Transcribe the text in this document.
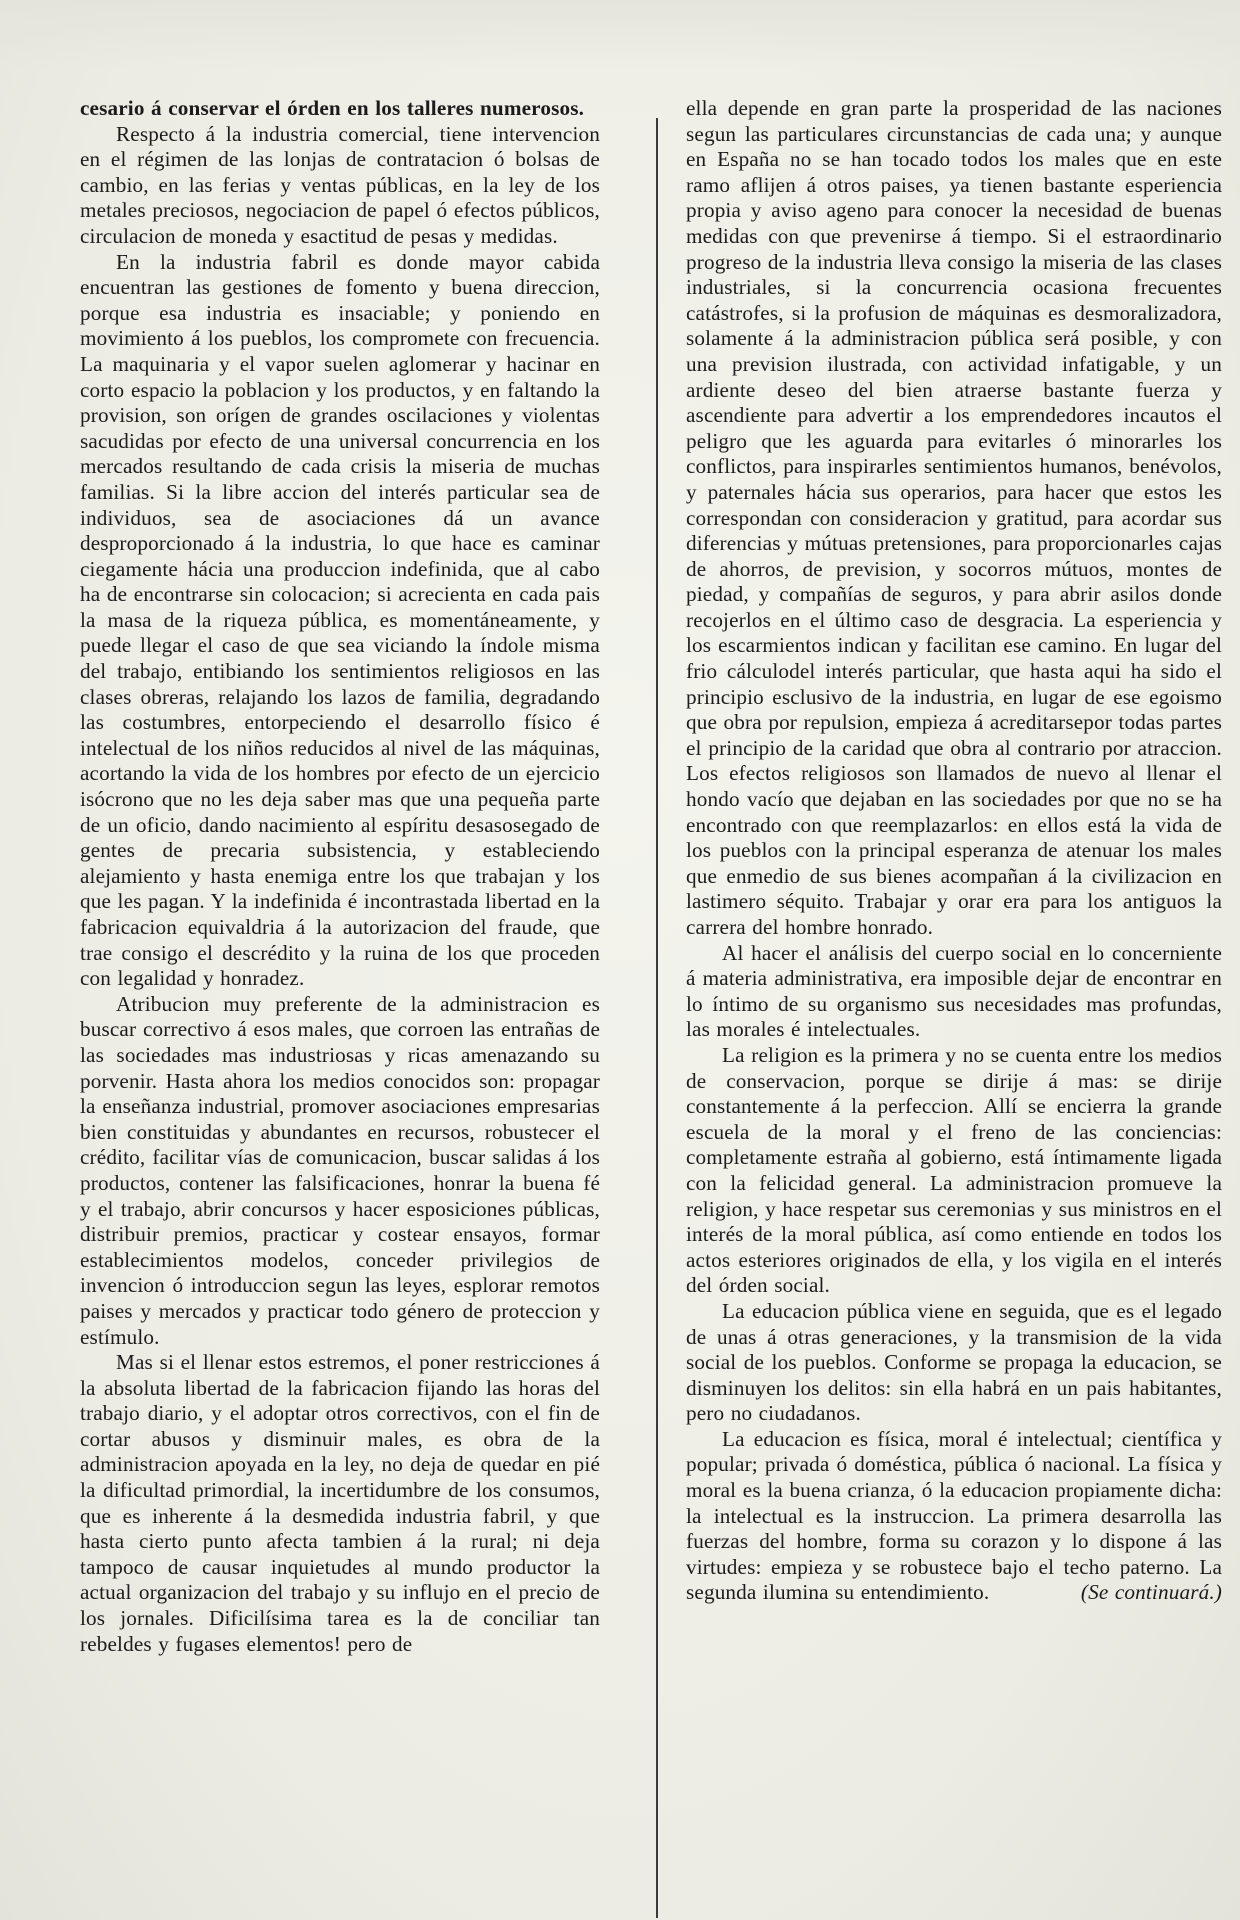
cesario á conservar el órden en los talleres numerosos.

Respecto á la industria comercial, tiene intervencion en el régimen de las lonjas de contratacion ó bolsas de cambio, en las ferias y ventas públicas, en la ley de los metales preciosos, negociacion de papel ó efectos públicos, circulacion de moneda y esactitud de pesas y medidas.

En la industria fabril es donde mayor cabida encuentran las gestiones de fomento y buena direccion, porque esa industria es insaciable; y poniendo en movimiento á los pueblos, los compromete con frecuencia. La maquinaria y el vapor suelen aglomerar y hacinar en corto espacio la poblacion y los productos, y en faltando la provision, son orígen de grandes oscilaciones y violentas sacudidas por efecto de una universal concurrencia en los mercados resultando de cada crisis la miseria de muchas familias. Si la libre accion del interés particular sea de individuos, sea de asociaciones dá un avance desproporcionado á la industria, lo que hace es caminar ciegamente hácia una produccion indefinida, que al cabo ha de encontrarse sin colocacion; si acrecienta en cada pais la masa de la riqueza pública, es momentáneamente, y puede llegar el caso de que sea viciando la índole misma del trabajo, entibiando los sentimientos religiosos en las clases obreras, relajando los lazos de familia, degradando las costumbres, entorpeciendo el desarrollo físico é intelectual de los niños reducidos al nivel de las máquinas, acortando la vida de los hombres por efecto de un ejercicio isócrono que no les deja saber mas que una pequeña parte de un oficio, dando nacimiento al espíritu desasosegado de gentes de precaria subsistencia, y estableciendo alejamiento y hasta enemiga entre los que trabajan y los que les pagan. Y la indefinida é incontrastada libertad en la fabricacion equivaldria á la autorizacion del fraude, que trae consigo el descrédito y la ruina de los que proceden con legalidad y honradez.

Atribucion muy preferente de la administracion es buscar correctivo á esos males, que corroen las entrañas de las sociedades mas industriosas y ricas amenazando su porvenir. Hasta ahora los medios conocidos son: propagar la enseñanza industrial, promover asociaciones empresarias bien constituidas y abundantes en recursos, robustecer el crédito, facilitar vías de comunicacion, buscar salidas á los productos, contener las falsificaciones, honrar la buena fé y el trabajo, abrir concursos y hacer esposiciones públicas, distribuir premios, practicar y costear ensayos, formar establecimientos modelos, conceder privilegios de invencion ó introduccion segun las leyes, esplorar remotos paises y mercados y practicar todo género de proteccion y estímulo.

Mas si el llenar estos estremos, el poner restricciones á la absoluta libertad de la fabricacion fijando las horas del trabajo diario, y el adoptar otros correctivos, con el fin de cortar abusos y disminuir males, es obra de la administracion apoyada en la ley, no deja de quedar en pié la dificultad primordial, la incertidumbre de los consumos, que es inherente á la desmedida industria fabril, y que hasta cierto punto afecta tambien á la rural; ni deja tampoco de causar inquietudes al mundo productor la actual organizacion del trabajo y su influjo en el precio de los jornales. Dificilísima tarea es la de conciliar tan rebeldes y fugases elementos! pero de

ella depende en gran parte la prosperidad de las naciones segun las particulares circunstancias de cada una; y aunque en España no se han tocado todos los males que en este ramo aflijen á otros paises, ya tienen bastante esperiencia propia y aviso ageno para conocer la necesidad de buenas medidas con que prevenirse á tiempo. Si el estraordinario progreso de la industria lleva consigo la miseria de las clases industriales, si la concurrencia ocasiona frecuentes catástrofes, si la profusion de máquinas es desmoralizadora, solamente á la administracion pública será posible, y con una prevision ilustrada, con actividad infatigable, y un ardiente deseo del bien atraerse bastante fuerza y ascendiente para advertir a los emprendedores incautos el peligro que les aguarda para evitarles ó minorarles los conflictos, para inspirarles sentimientos humanos, benévolos, y paternales hácia sus operarios, para hacer que estos les correspondan con consideracion y gratitud, para acordar sus diferencias y mútuas pretensiones, para proporcionarles cajas de ahorros, de prevision, y socorros mútuos, montes de piedad, y compañías de seguros, y para abrir asilos donde recojerlos en el último caso de desgracia. La esperiencia y los escarmientos indican y facilitan ese camino. En lugar del frio cálculodel interés particular, que hasta aqui ha sido el principio esclusivo de la industria, en lugar de ese egoismo que obra por repulsion, empieza á acreditarsepor todas partes el principio de la caridad que obra al contrario por atraccion. Los efectos religiosos son llamados de nuevo al llenar el hondo vacío que dejaban en las sociedades por que no se ha encontrado con que reemplazarlos: en ellos está la vida de los pueblos con la principal esperanza de atenuar los males que enmedio de sus bienes acompañan á la civilizacion en lastimero séquito. Trabajar y orar era para los antiguos la carrera del hombre honrado.

Al hacer el análisis del cuerpo social en lo concerniente á materia administrativa, era imposible dejar de encontrar en lo íntimo de su organismo sus necesidades mas profundas, las morales é intelectuales.

La religion es la primera y no se cuenta entre los medios de conservacion, porque se dirije á mas: se dirije constantemente á la perfeccion. Allí se encierra la grande escuela de la moral y el freno de las conciencias: completamente estraña al gobierno, está íntimamente ligada con la felicidad general. La administracion promueve la religion, y hace respetar sus ceremonias y sus ministros en el interés de la moral pública, así como entiende en todos los actos esteriores originados de ella, y los vigila en el interés del órden social.

La educacion pública viene en seguida, que es el legado de unas á otras generaciones, y la transmision de la vida social de los pueblos. Conforme se propaga la educacion, se disminuyen los delitos: sin ella habrá en un pais habitantes, pero no ciudadanos.

La educacion es física, moral é intelectual; científica y popular; privada ó doméstica, pública ó nacional. La física y moral es la buena crianza, ó la educacion propiamente dicha: la intelectual es la instruccion. La primera desarrolla las fuerzas del hombre, forma su corazon y lo dispone á las virtudes: empieza y se robustece bajo el techo paterno. La segunda ilumina su entendimiento.	(Se continuará.)
